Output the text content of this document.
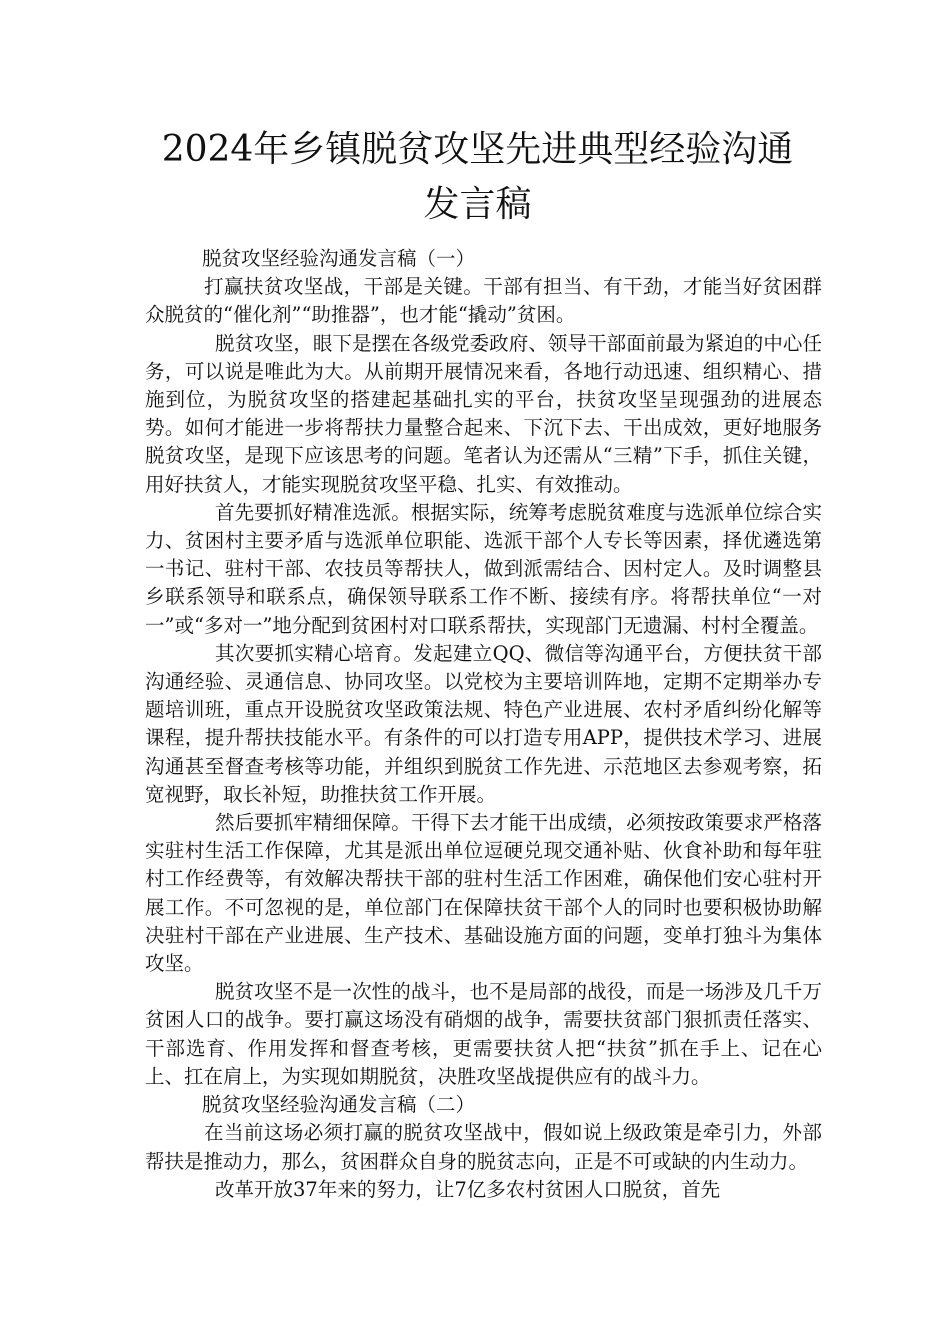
2024年乡镇脱贫攻坚先进典型经验沟通发言稿

脱贫攻坚经验沟通发言稿（一）

打赢扶贫攻坚战，干部是关键。干部有担当、有干劲，才能当好贫困群众脱贫的“催化剂”“助推器”，也才能“撬动”贫困。

脱贫攻坚，眼下是摆在各级党委政府、领导干部面前最为紧迫的中心任务，可以说是唯此为大。从前期开展情况来看，各地行动迅速、组织精心、措施到位，为脱贫攻坚的搭建起基础扎实的平台，扶贫攻坚呈现强劲的进展态势。如何才能进一步将帮扶力量整合起来、下沉下去、干出成效，更好地服务脱贫攻坚，是现下应该思考的问题。笔者认为还需从“三精”下手，抓住关键，用好扶贫人，才能实现脱贫攻坚平稳、扎实、有效推动。

首先要抓好精准选派。根据实际，统筹考虑脱贫难度与选派单位综合实力、贫困村主要矛盾与选派单位职能、选派干部个人专长等因素，择优遴选第一书记、驻村干部、农技员等帮扶人，做到派需结合、因村定人。及时调整县乡联系领导和联系点，确保领导联系工作不断、接续有序。将帮扶单位“一对一”或“多对一”地分配到贫困村对口联系帮扶，实现部门无遗漏、村村全覆盖。

其次要抓实精心培育。发起建立QQ、微信等沟通平台，方便扶贫干部沟通经验、灵通信息、协同攻坚。以党校为主要培训阵地，定期不定期举办专题培训班，重点开设脱贫攻坚政策法规、特色产业进展、农村矛盾纠纷化解等课程，提升帮扶技能水平。有条件的可以打造专用APP，提供技术学习、进展沟通甚至督查考核等功能，并组织到脱贫工作先进、示范地区去参观考察，拓宽视野，取长补短，助推扶贫工作开展。

然后要抓牢精细保障。干得下去才能干出成绩，必须按政策要求严格落实驻村生活工作保障，尤其是派出单位逗硬兑现交通补贴、伙食补助和每年驻村工作经费等，有效解决帮扶干部的驻村生活工作困难，确保他们安心驻村开展工作。不可忽视的是，单位部门在保障扶贫干部个人的同时也要积极协助解决驻村干部在产业进展、生产技术、基础设施方面的问题，变单打独斗为集体攻坚。

脱贫攻坚不是一次性的战斗，也不是局部的战役，而是一场涉及几千万贫困人口的战争。要打赢这场没有硝烟的战争，需要扶贫部门狠抓责任落实、干部选育、作用发挥和督查考核，更需要扶贫人把“扶贫”抓在手上、记在心上、扛在肩上，为实现如期脱贫，决胜攻坚战提供应有的战斗力。

脱贫攻坚经验沟通发言稿（二）

在当前这场必须打赢的脱贫攻坚战中，假如说上级政策是牵引力，外部帮扶是推动力，那么，贫困群众自身的脱贫志向，正是不可或缺的内生动力。

改革开放37年来的努力，让7亿多农村贫困人口脱贫，首先
